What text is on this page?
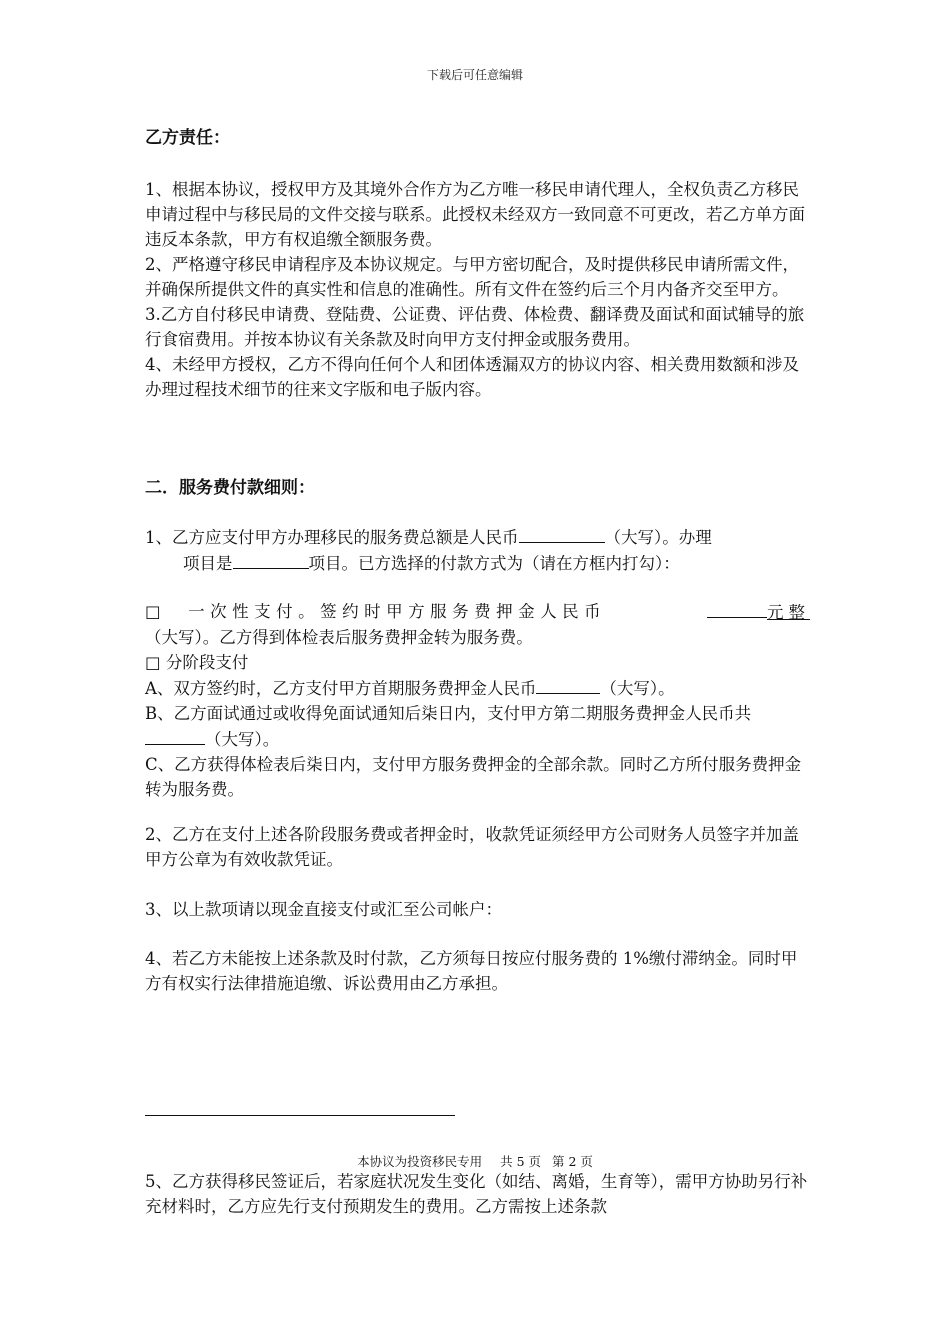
下载后可任意编辑

乙方责任：

1、根据本协议，授权甲方及其境外合作方为乙方唯一移民申请代理人，全权负责乙方移民申请过程中与移民局的文件交接与联系。此授权未经双方一致同意不可更改，若乙方单方面违反本条款，甲方有权追缴全额服务费。

2、严格遵守移民申请程序及本协议规定。与甲方密切配合，及时提供移民申请所需文件，并确保所提供文件的真实性和信息的准确性。所有文件在签约后三个月内备齐交至甲方。

3.乙方自付移民申请费、登陆费、公证费、评估费、体检费、翻译费及面试和面试辅导的旅行食宿费用。并按本协议有关条款及时向甲方支付押金或服务费用。

4、未经甲方授权，乙方不得向任何个人和团体透漏双方的协议内容、相关费用数额和涉及办理过程技术细节的往来文字版和电子版内容。

二．服务费付款细则：

1、乙方应支付甲方办理移民的服务费总额是人民币	（大写）。办理

项目是	项目。已方选择的付款方式为（请在方框内打勾）：

□　一次性支付。签约时甲方服务费押金人民币	元整

（大写）。乙方得到体检表后服务费押金转为服务费。

□ 分阶段支付

A、双方签约时，乙方支付甲方首期服务费押金人民币	（大写）。

B、乙方面试通过或收得免面试通知后柒日内，支付甲方第二期服务费押金人民币共（大写）。

C、乙方获得体检表后柒日内，支付甲方服务费押金的全部余款。同时乙方所付服务费押金转为服务费。

2、乙方在支付上述各阶段服务费或者押金时，收款凭证须经甲方公司财务人员签字并加盖甲方公章为有效收款凭证。

3、以上款项请以现金直接支付或汇至公司帐户：

4、若乙方未能按上述条款及时付款，乙方须每日按应付服务费的 1%缴付滞纳金。同时甲方有权实行法律措施追缴、诉讼费用由乙方承担。

本协议为投资移民专用 共 5 页 第 2 页

5、乙方获得移民签证后，若家庭状况发生变化（如结、离婚，生育等），需甲方协助另行补充材料时，乙方应先行支付预期发生的费用。乙方需按上述条款
